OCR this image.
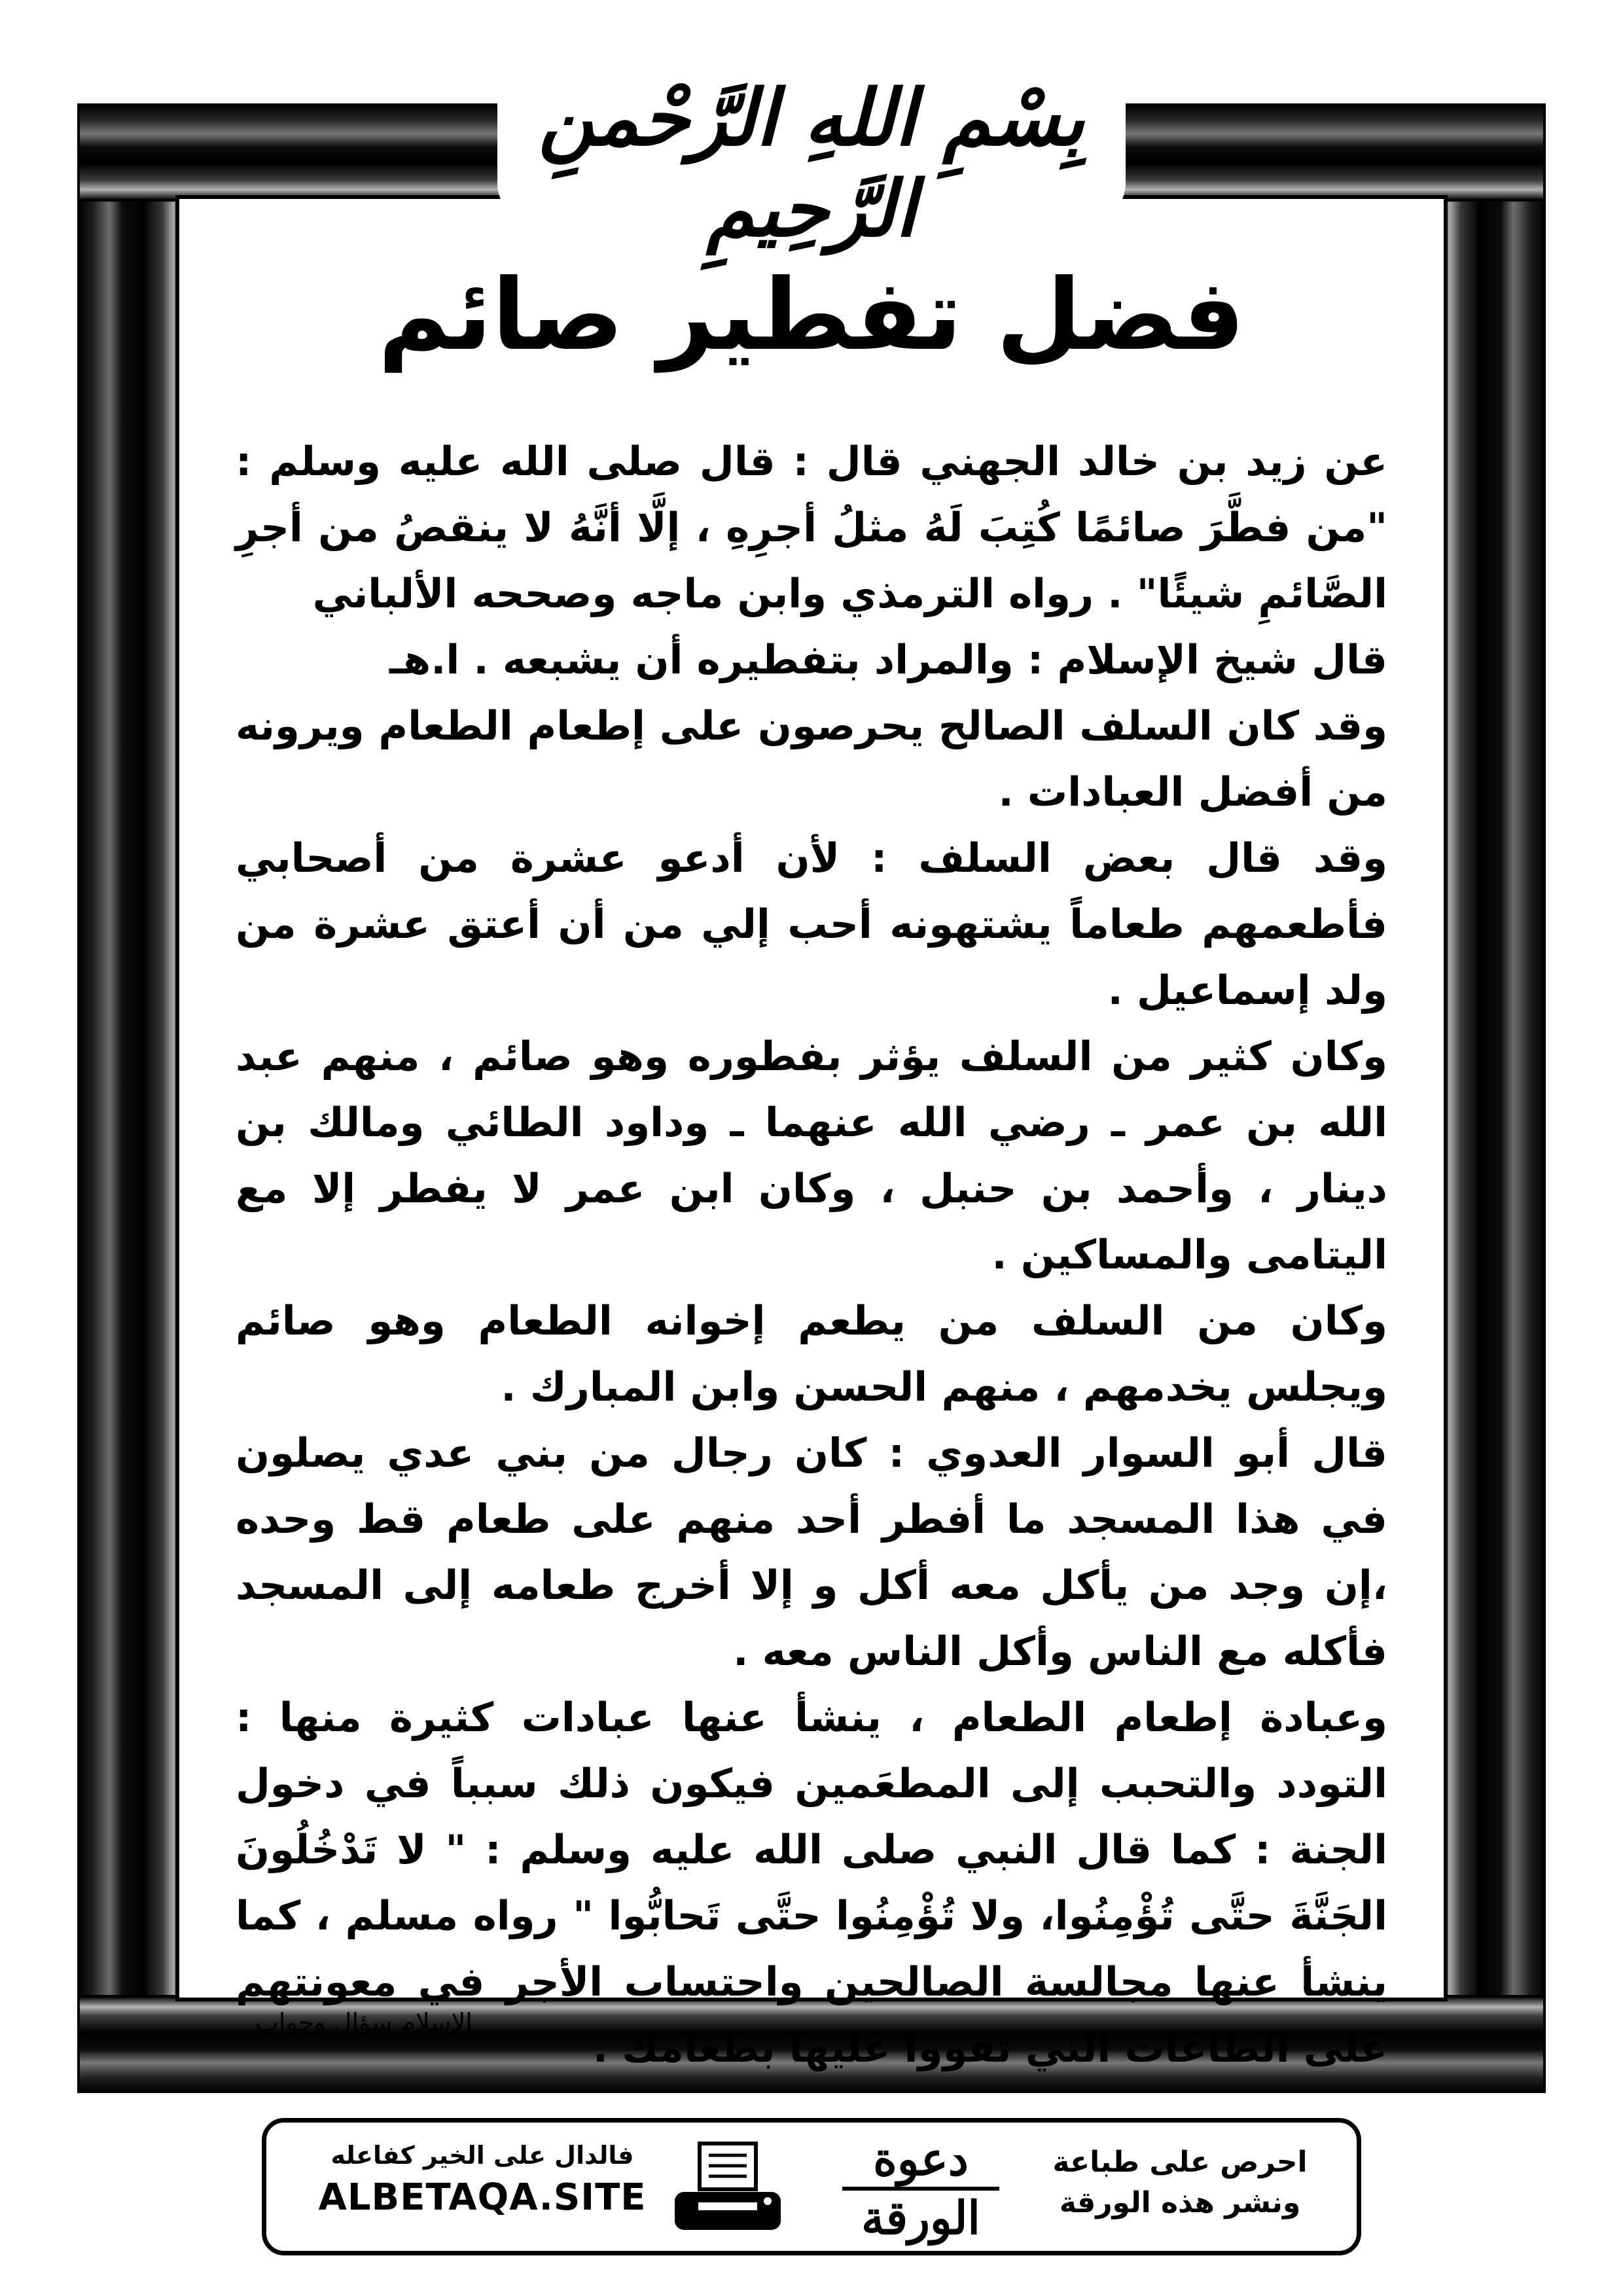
بِسْمِ اللهِ الرَّحْمنِ الرَّحِيمِ
فضل تفطير صائم

عن زيد بن خالد الجهني قال : قال صلى الله عليه وسلم : "من فطَّرَ صائمًا كُتِبَ لَهُ مثلُ أجرِهِ ، إلَّا أنَّهُ لا ينقصُ من أجرِ الصَّائمِ شيئًا" . رواه الترمذي وابن ماجه وصححه الألباني

قال شيخ الإسلام : والمراد بتفطيره أن يشبعه . ا.هـ

وقد كان السلف الصالح يحرصون على إطعام الطعام ويرونه من أفضل العبادات .

وقد قال بعض السلف : لأن أدعو عشرة من أصحابي فأطعمهم طعاماً يشتهونه أحب إلي من أن أعتق عشرة من ولد إسماعيل .

وكان كثير من السلف يؤثر بفطوره وهو صائم ، منهم عبد الله بن عمر ـ رضي الله عنهما ـ وداود الطائي ومالك بن دينار ، وأحمد بن حنبل ، وكان ابن عمر لا يفطر إلا مع اليتامى والمساكين .

وكان من السلف من يطعم إخوانه الطعام وهو صائم ويجلس يخدمهم ، منهم الحسن وابن المبارك .

قال أبو السوار العدوي : كان رجال من بني عدي يصلون في هذا المسجد ما أفطر أحد منهم على طعام قط وحده ،إن وجد من يأكل معه أكل و إلا أخرج طعامه إلى المسجد فأكله مع الناس وأكل الناس معه .

وعبادة إطعام الطعام ، ينشأ عنها عبادات كثيرة منها : التودد والتحبب إلى المطعَمين فيكون ذلك سبباً في دخول الجنة : كما قال النبي صلى الله عليه وسلم : " لا تَدْخُلُونَ الجَنَّةَ حتَّى تُؤْمِنُوا، ولا تُؤْمِنُوا حتَّى تَحابُّوا " رواه مسلم ، كما ينشأ عنها مجالسة الصالحين واحتساب الأجر في معونتهم على الطاعات التي تقووا عليها بطعامك .

الإسلام سؤال وجواب
فالدال على الخير كفاعله
ALBETAQA.SITE
دعوة
الورقة
احرص على طباعة
ونشر هذه الورقة
